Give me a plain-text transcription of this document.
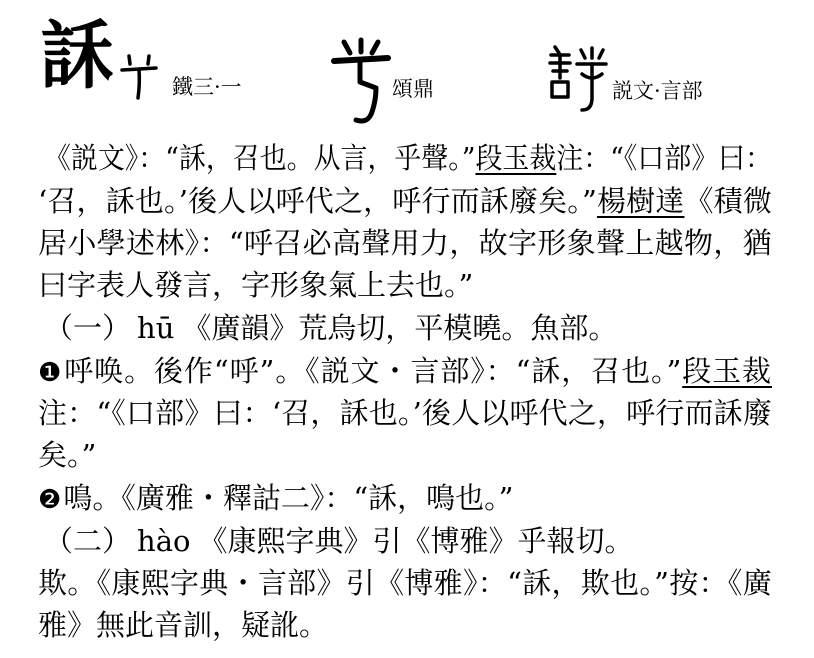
訸	鐵三·一	頌鼎	説文·言部
《説文》：“訸，召也。从言，乎聲。”段玉裁注：“《口部》曰：
‘召，訸也。’後人以呼代之，呼行而訸廢矣。”楊樹達《積微
居小學述林》：“呼召必高聲用力，故字形象聲上越物，猶
曰字表人發言，字形象氣上去也。”
（一） hū 《廣韻》荒烏切，平模曉。魚部。
❶呼唤。後作“呼”。《説文・言部》：“訸，召也。”段玉裁
注：“《口部》曰：‘召，訸也。’後人以呼代之，呼行而訸廢
矣。”
❷鳴。《廣雅・釋詁二》：“訸，鳴也。”
（二） hào 《康熙字典》引《博雅》乎報切。
欺。《康熙字典・言部》引《博雅》：“訸，欺也。”按：《廣
雅》無此音訓，疑訛。
